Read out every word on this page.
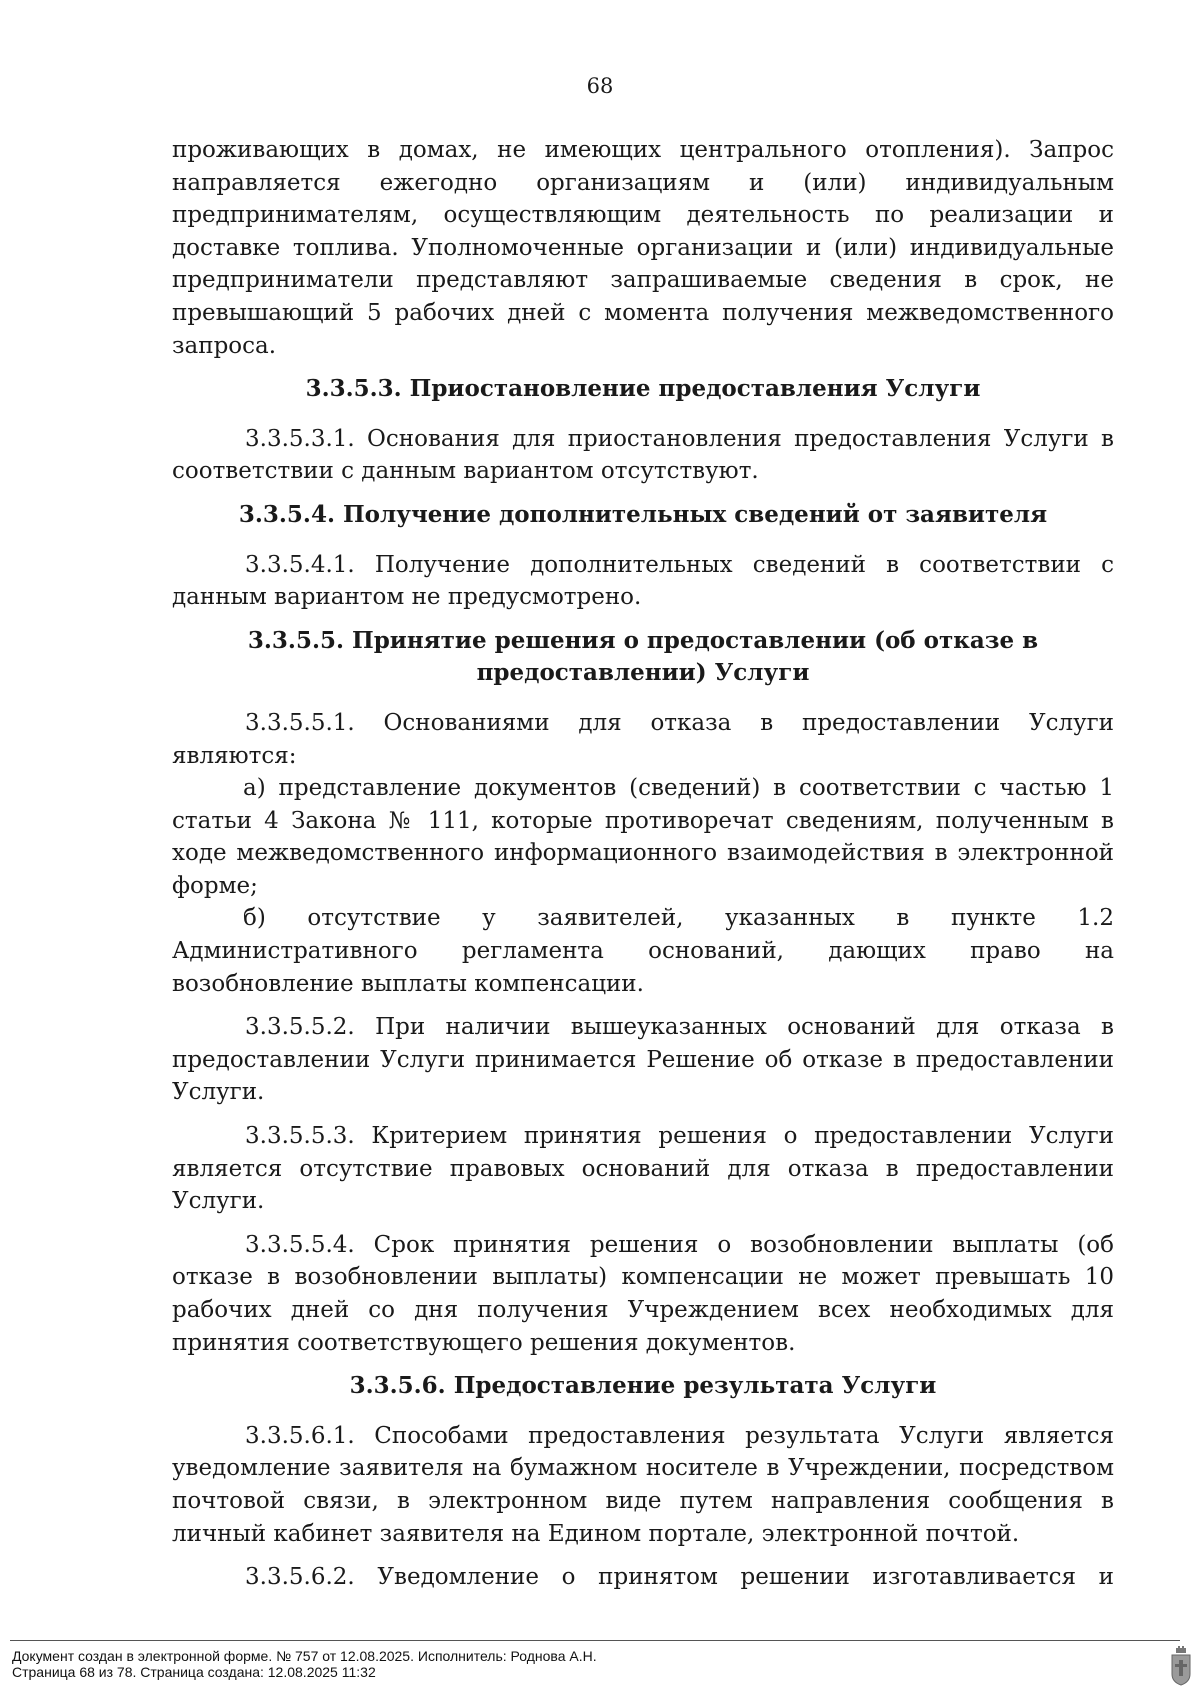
68

проживающих в домах, не имеющих центрального отопления). Запрос направляется ежегодно организациям и (или) индивидуальным предпринимателям, осуществляющим деятельность по реализации и доставке топлива. Уполномоченные организации и (или) индивидуальные предприниматели представляют запрашиваемые сведения в срок, не превышающий 5 рабочих дней с момента получения межведомственного запроса.

3.3.5.3. Приостановление предоставления Услуги

3.3.5.3.1. Основания для приостановления предоставления Услуги в соответствии с данным вариантом отсутствуют.

3.3.5.4. Получение дополнительных сведений от заявителя

3.3.5.4.1. Получение дополнительных сведений в соответствии с данным вариантом не предусмотрено.

3.3.5.5. Принятие решения о предоставлении (об отказе в
предоставлении) Услуги

3.3.5.5.1. Основаниями для отказа в предоставлении Услуги являются:

а) представление документов (сведений) в соответствии с частью 1 статьи 4 Закона № 111, которые противоречат сведениям, полученным в ходе межведомственного информационного взаимодействия в электронной форме;

б) отсутствие у заявителей, указанных в пункте 1.2 Административного регламента оснований, дающих право на возобновление выплаты компенсации.

3.3.5.5.2. При наличии вышеуказанных оснований для отказа в предоставлении Услуги принимается Решение об отказе в предоставлении Услуги.

3.3.5.5.3. Критерием принятия решения о предоставлении Услуги является отсутствие правовых оснований для отказа в предоставлении Услуги.

3.3.5.5.4. Срок принятия решения о возобновлении выплаты (об отказе в возобновлении выплаты) компенсации не может превышать 10 рабочих дней со дня получения Учреждением всех необходимых для принятия соответствующего решения документов.

3.3.5.6. Предоставление результата Услуги

3.3.5.6.1. Способами предоставления результата Услуги является уведомление заявителя на бумажном носителе в Учреждении, посредством почтовой связи, в электронном виде путем направления сообщения в личный кабинет заявителя на Едином портале, электронной почтой.

3.3.5.6.2. Уведомление о принятом решении изготавливается и

Документ создан в электронной форме. № 757 от 12.08.2025. Исполнитель: Роднова А.Н.
Страница 68 из 78. Страница создана: 12.08.2025 11:32
